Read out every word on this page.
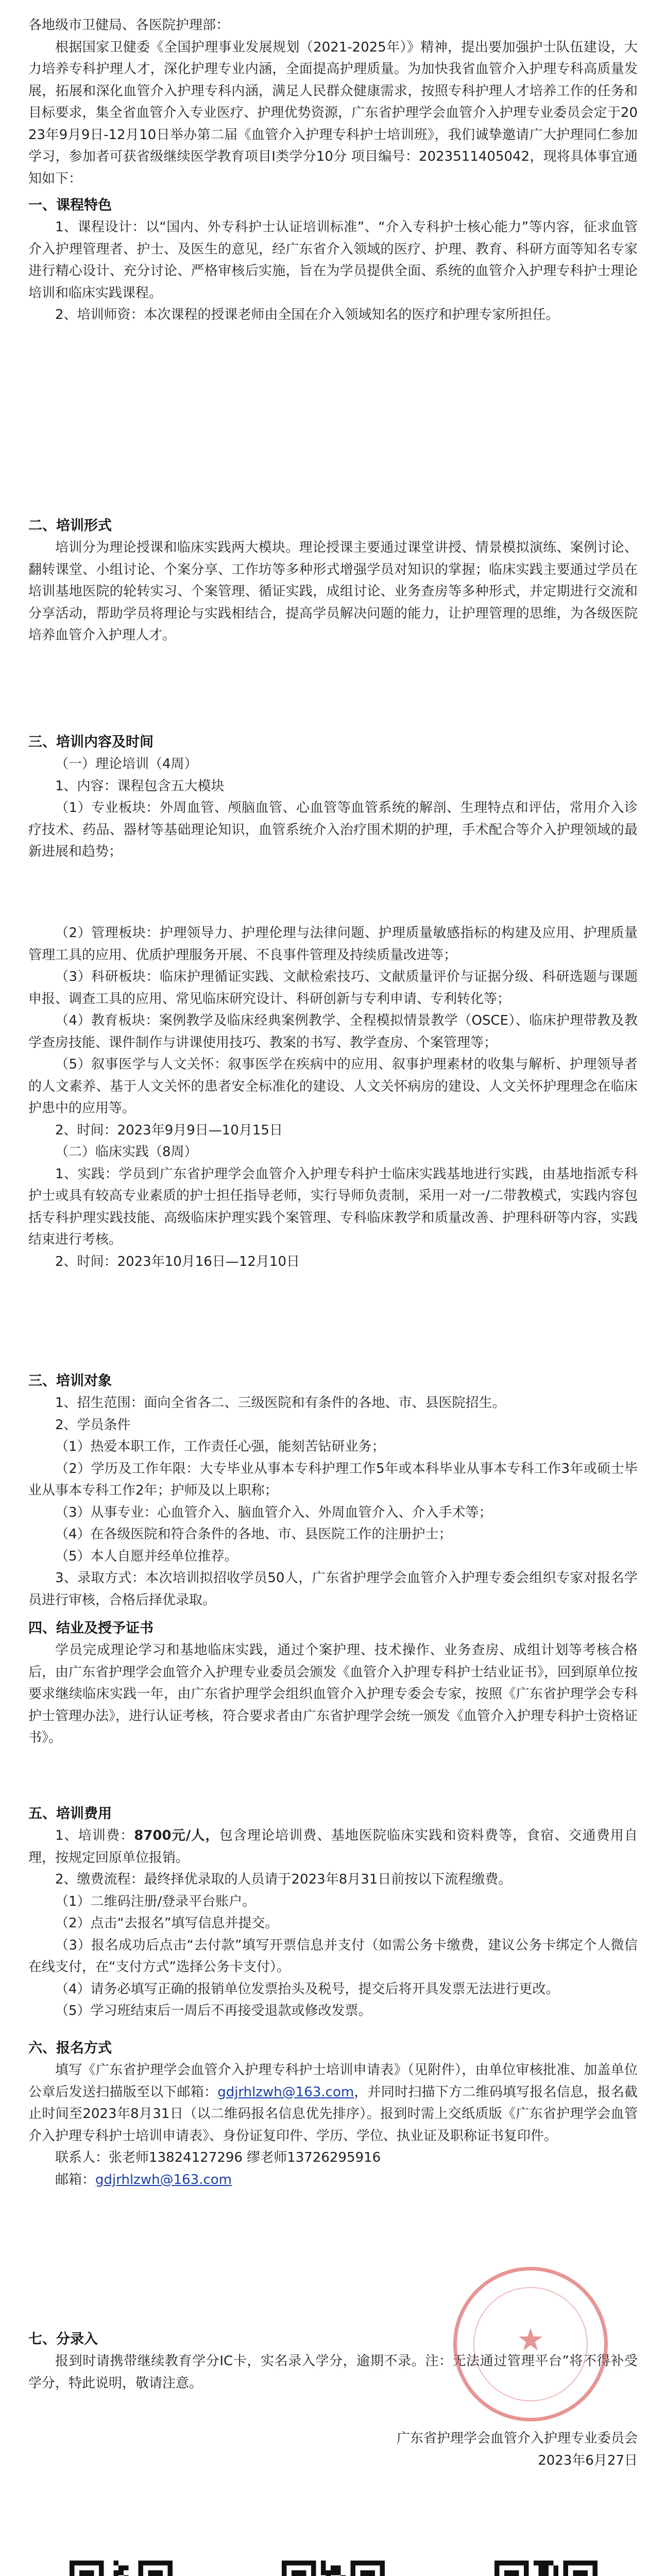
各地级市卫健局、各医院护理部：

根据国家卫健委《全国护理事业发展规划（2021-2025年）》精神，提出要加强护士队伍建设，大力培养专科护理人才，深化护理专业内涵，全面提高护理质量。为加快我省血管介入护理专科高质量发展，拓展和深化血管介入护理专科内涵，满足人民群众健康需求，按照专科护理人才培养工作的任务和目标要求，集全省血管介入专业医疗、护理优势资源，广东省护理学会血管介入护理专业委员会定于2023年9月9日-12月10日举办第二届《血管介入护理专科护士培训班》，我们诚挚邀请广大护理同仁参加学习，参加者可获省级继续医学教育项目Ⅰ类学分10分 项目编号：2023511405042，现将具体事宜通知如下：

一、课程特色

1、课程设计：以“国内、外专科护士认证培训标准”、“介入专科护士核心能力”等内容，征求血管介入护理管理者、护士、及医生的意见，经广东省介入领域的医疗、护理、教育、科研方面等知名专家进行精心设计、充分讨论、严格审核后实施，旨在为学员提供全面、系统的血管介入护理专科护士理论培训和临床实践课程。

2、培训师资：本次课程的授课老师由全国在介入领域知名的医疗和护理专家所担任。

二、培训形式

培训分为理论授课和临床实践两大模块。理论授课主要通过课堂讲授、情景模拟演练、案例讨论、翻转课堂、小组讨论、个案分享、工作坊等多种形式增强学员对知识的掌握；临床实践主要通过学员在培训基地医院的轮转实习、个案管理、循证实践，成组讨论、业务查房等多种形式，并定期进行交流和分享活动，帮助学员将理论与实践相结合，提高学员解决问题的能力，让护理管理的思维，为各级医院培养血管介入护理人才。

三、培训内容及时间

（一）理论培训（4周）

1、内容：课程包含五大模块

（1）专业板块：外周血管、颅脑血管、心血管等血管系统的解剖、生理特点和评估，常用介入诊疗技术、药品、器材等基础理论知识，血管系统介入治疗围术期的护理，手术配合等介入护理领域的最新进展和趋势；

（2）管理板块：护理领导力、护理伦理与法律问题、护理质量敏感指标的构建及应用、护理质量管理工具的应用、优质护理服务开展、不良事件管理及持续质量改进等；

（3）科研板块：临床护理循证实践、文献检索技巧、文献质量评价与证据分级、科研选题与课题申报、调查工具的应用、常见临床研究设计、科研创新与专利申请、专利转化等；

（4）教育板块：案例教学及临床经典案例教学、全程模拟情景教学（OSCE）、临床护理带教及教学查房技能、课件制作与讲课使用技巧、教案的书写、教学查房、个案管理等；

（5）叙事医学与人文关怀：叙事医学在疾病中的应用、叙事护理素材的收集与解析、护理领导者的人文素养、基于人文关怀的患者安全标准化的建设、人文关怀病房的建设、人文关怀护理理念在临床护患中的应用等。

2、时间：2023年9月9日—10月15日

（二）临床实践（8周）

1、实践：学员到广东省护理学会血管介入护理专科护士临床实践基地进行实践，由基地指派专科护士或具有较高专业素质的护士担任指导老师，实行导师负责制，采用一对一/二带教模式，实践内容包括专科护理实践技能、高级临床护理实践个案管理、专科临床教学和质量改善、护理科研等内容，实践结束进行考核。

2、时间：2023年10月16日—12月10日

三、培训对象

1、招生范围：面向全省各二、三级医院和有条件的各地、市、县医院招生。

2、学员条件

（1）热爱本职工作，工作责任心强，能刻苦钻研业务；

（2）学历及工作年限：大专毕业从事本专科护理工作5年或本科毕业从事本专科工作3年或硕士毕业从事本专科工作2年；护师及以上职称；

（3）从事专业：心血管介入、脑血管介入、外周血管介入、介入手术等；

（4）在各级医院和符合条件的各地、市、县医院工作的注册护士；

（5）本人自愿并经单位推荐。

3、录取方式：本次培训拟招收学员50人，广东省护理学会血管介入护理专委会组织专家对报名学员进行审核，合格后择优录取。

四、结业及授予证书

学员完成理论学习和基地临床实践，通过个案护理、技术操作、业务查房、成组计划等考核合格后，由广东省护理学会血管介入护理专业委员会颁发《血管介入护理专科护士结业证书》，回到原单位按要求继续临床实践一年，由广东省护理学会组织血管介入护理专委会专家，按照《广东省护理学会专科护士管理办法》，进行认证考核，符合要求者由广东省护理学会统一颁发《血管介入护理专科护士资格证书》。

五、培训费用

1、培训费：8700元/人，包含理论培训费、基地医院临床实践和资料费等，食宿、交通费用自理，按规定回原单位报销。

2、缴费流程：最终择优录取的人员请于2023年8月31日前按以下流程缴费。

（1）二维码注册/登录平台账户。

（2）点击“去报名”填写信息并提交。

（3）报名成功后点击“去付款”填写开票信息并支付（如需公务卡缴费，建议公务卡绑定个人微信在线支付，在“支付方式”选择公务卡支付）。

（4）请务必填写正确的报销单位发票抬头及税号，提交后将开具发票无法进行更改。

（5）学习班结束后一周后不再接受退款或修改发票。

六、报名方式

填写《广东省护理学会血管介入护理专科护士培训申请表》（见附件），由单位审核批准、加盖单位公章后发送扫描版至以下邮箱：gdjrhlzwh@163.com，并同时扫描下方二维码填写报名信息，报名截止时间至2023年8月31日（以二维码报名信息优先排序）。报到时需上交纸质版《广东省护理学会血管介入护理专科护士培训申请表》、身份证复印件、学历、学位、执业证及职称证书复印件。

联系人：张老师13824127296 缪老师13726295916

邮箱：gdjrhlzwh@163.com

七、分录入

报到时请携带继续教育学分IC卡，实名录入学分，逾期不录。注：无法通过管理平台”将不得补受学分，特此说明，敬请注意。

广东省护理学会血管介入护理专业委员会

2023年6月27日

★
